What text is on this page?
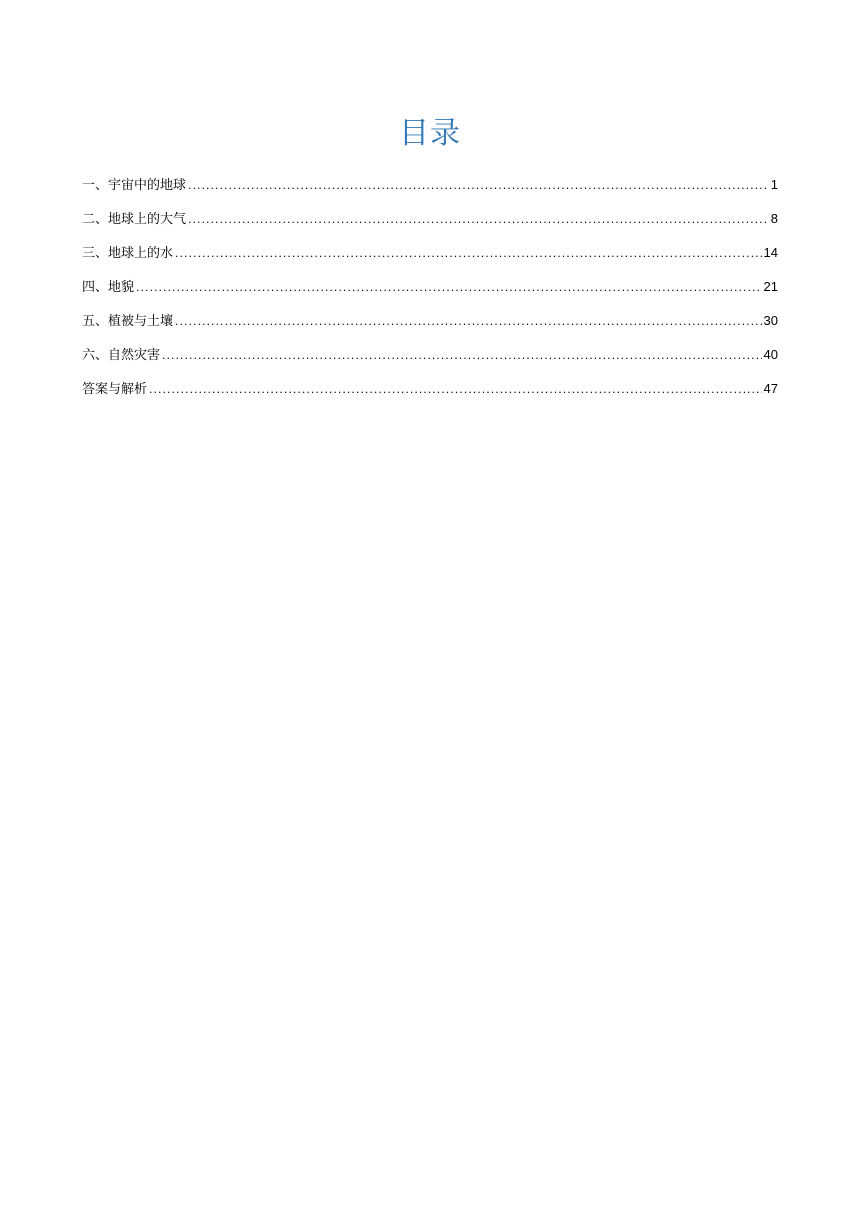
目录
一、宇宙中的地球 .....	1
二、地球上的大气 .....	8
三、地球上的水 .....	14
四、地貌 .....	21
五、植被与土壤 .....	30
六、自然灾害 .....	40
答案与解析 .....	47
